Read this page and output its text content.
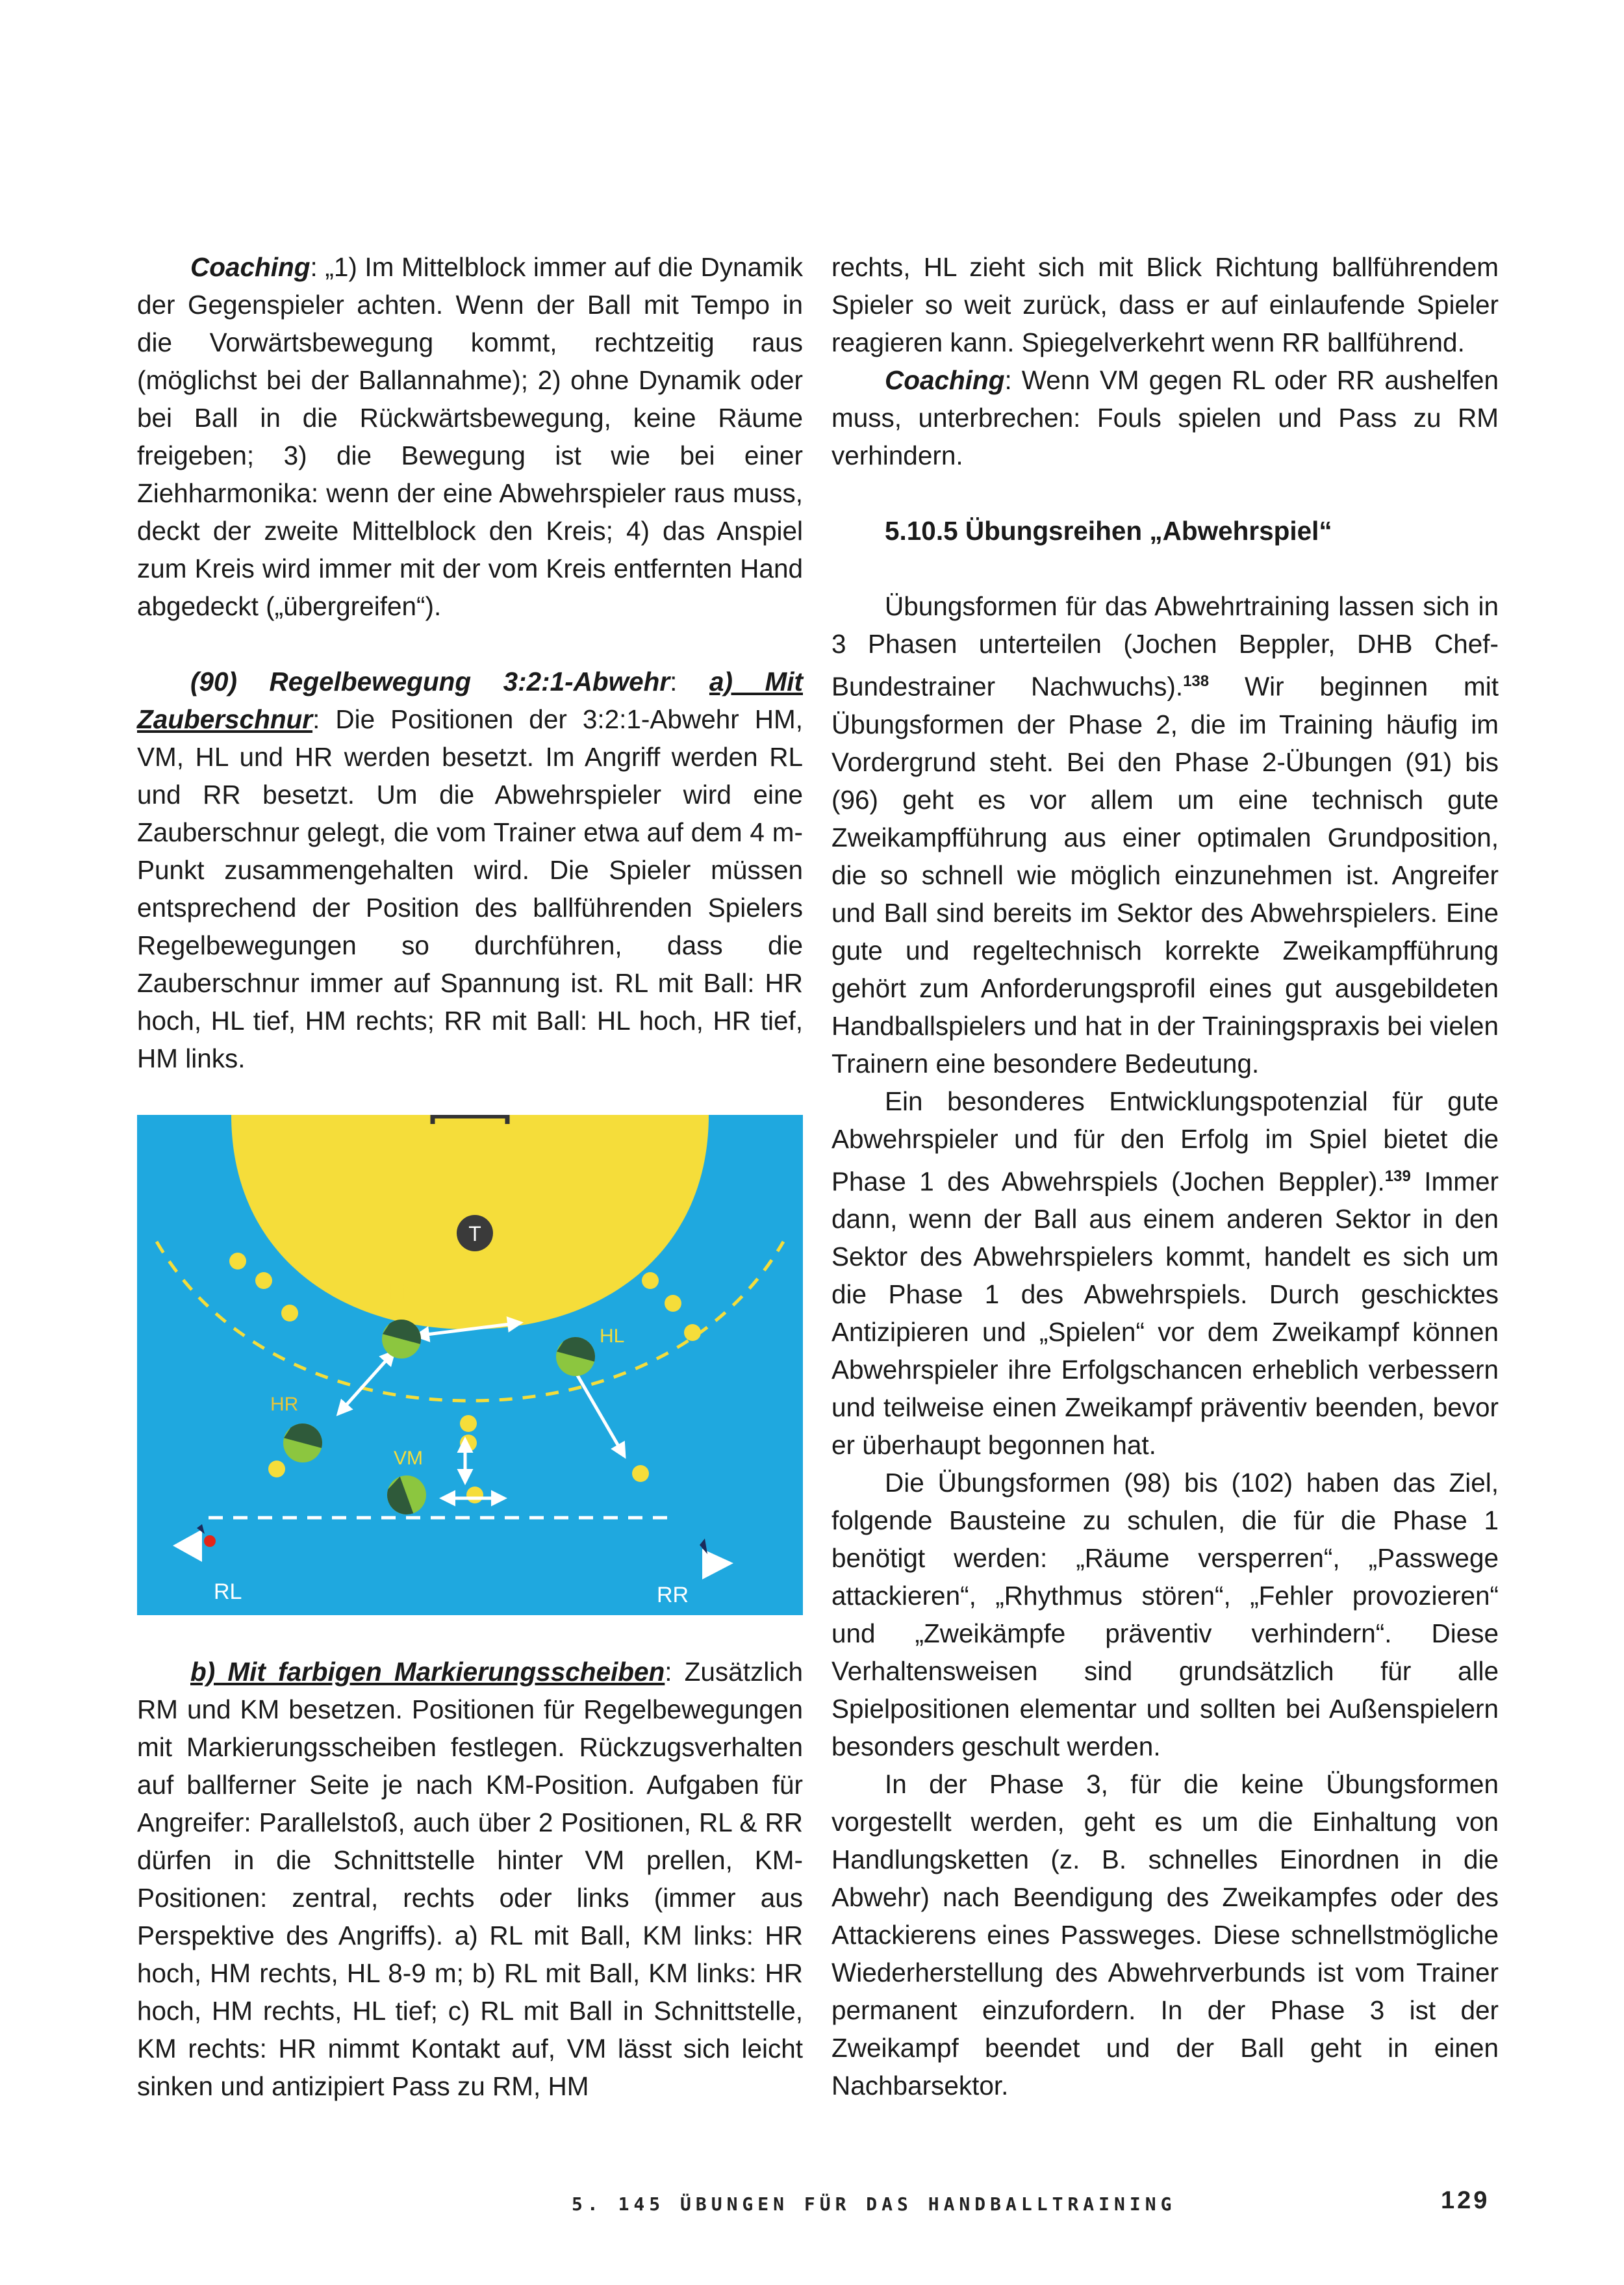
Coaching: „1) Im Mittelblock immer auf die Dynamik der Gegenspieler achten. Wenn der Ball mit Tempo in die Vorwärtsbewegung kommt, rechtzeitig raus (möglichst bei der Ballannahme); 2) ohne Dynamik oder bei Ball in die Rückwärtsbewegung, keine Räume freigeben; 3) die Bewegung ist wie bei einer Ziehharmonika: wenn der eine Abwehrspieler raus muss, deckt der zweite Mittelblock den Kreis; 4) das Anspiel zum Kreis wird immer mit der vom Kreis entfernten Hand abgedeckt („übergreifen“).

(90) Regelbewegung 3:2:1-Abwehr: a) Mit Zauberschnur: Die Positionen der 3:2:1-Abwehr HM, VM, HL und HR werden besetzt. Im Angriff werden RL und RR besetzt. Um die Abwehrspieler wird eine Zauberschnur gelegt, die vom Trainer etwa auf dem 4 m-Punkt zusammengehalten wird. Die Spieler müssen entsprechend der Position des ballführenden Spielers Regelbewegungen so durchführen, dass die Zauberschnur immer auf Spannung ist. RL mit Ball: HR hoch, HL tief, HM rechts; RR mit Ball: HL hoch, HR tief, HM links.

T
HM
HL
HR
VM
RL	RR

b) Mit farbigen Markierungsscheiben: Zusätzlich RM und KM besetzen. Positionen für Regelbewegungen mit Markierungsscheiben festlegen. Rückzugsverhalten auf ballferner Seite je nach KM-Position. Aufgaben für Angreifer: Parallelstoß, auch über 2 Positionen, RL & RR dürfen in die Schnittstelle hinter VM prellen, KM-Positionen: zentral, rechts oder links (immer aus Perspektive des Angriffs). a) RL mit Ball, KM links: HR hoch, HM rechts, HL 8-9 m; b) RL mit Ball, KM links: HR hoch, HM rechts, HL tief; c) RL mit Ball in Schnittstelle, KM rechts: HR nimmt Kontakt auf, VM lässt sich leicht sinken und antizipiert Pass zu RM, HM

rechts, HL zieht sich mit Blick Richtung ballführendem Spieler so weit zurück, dass er auf einlaufende Spieler reagieren kann. Spiegelverkehrt wenn RR ballführend.

Coaching: Wenn VM gegen RL oder RR aushelfen muss, unterbrechen: Fouls spielen und Pass zu RM verhindern.

5.10.5 Übungsreihen „Abwehrspiel“

Übungsformen für das Abwehrtraining lassen sich in 3 Phasen unterteilen (Jochen Beppler, DHB Chef-Bundestrainer Nachwuchs).$^{138}$ Wir beginnen mit Übungsformen der Phase 2, die im Training häufig im Vordergrund steht. Bei den Phase 2-Übungen (91) bis (96) geht es vor allem um eine technisch gute Zweikampfführung aus einer optimalen Grundposition, die so schnell wie möglich einzunehmen ist. Angreifer und Ball sind bereits im Sektor des Abwehrspielers. Eine gute und regeltechnisch korrekte Zweikampfführung gehört zum Anforderungsprofil eines gut ausgebildeten Handballspielers und hat in der Trainingspraxis bei vielen Trainern eine besondere Bedeutung.

Ein besonderes Entwicklungspotenzial für gute Abwehrspieler und für den Erfolg im Spiel bietet die Phase 1 des Abwehrspiels (Jochen Beppler).$^{139}$ Immer dann, wenn der Ball aus einem anderen Sektor in den Sektor des Abwehrspielers kommt, handelt es sich um die Phase 1 des Abwehrspiels. Durch geschicktes Antizipieren und „Spielen“ vor dem Zweikampf können Abwehrspieler ihre Erfolgschancen erheblich verbessern und teilweise einen Zweikampf präventiv beenden, bevor er überhaupt begonnen hat.

Die Übungsformen (98) bis (102) haben das Ziel, folgende Bausteine zu schulen, die für die Phase 1 benötigt werden: „Räume versperren“, „Passwege attackieren“, „Rhythmus stören“, „Fehler provozieren“ und „Zweikämpfe präventiv verhindern“. Diese Verhaltensweisen sind grundsätzlich für alle Spielpositionen elementar und sollten bei Außenspielern besonders geschult werden.

In der Phase 3, für die keine Übungsformen vorgestellt werden, geht es um die Einhaltung von Handlungsketten (z. B. schnelles Einordnen in die Abwehr) nach Beendigung des Zweikampfes oder des Attackierens eines Passweges. Diese schnellstmögliche Wiederherstellung des Abwehrverbunds ist vom Trainer permanent einzufordern. In der Phase 3 ist der Zweikampf beendet und der Ball geht in einen Nachbarsektor.

5. 145 ÜBUNGEN FÜR DAS HANDBALLTRAINING	129
